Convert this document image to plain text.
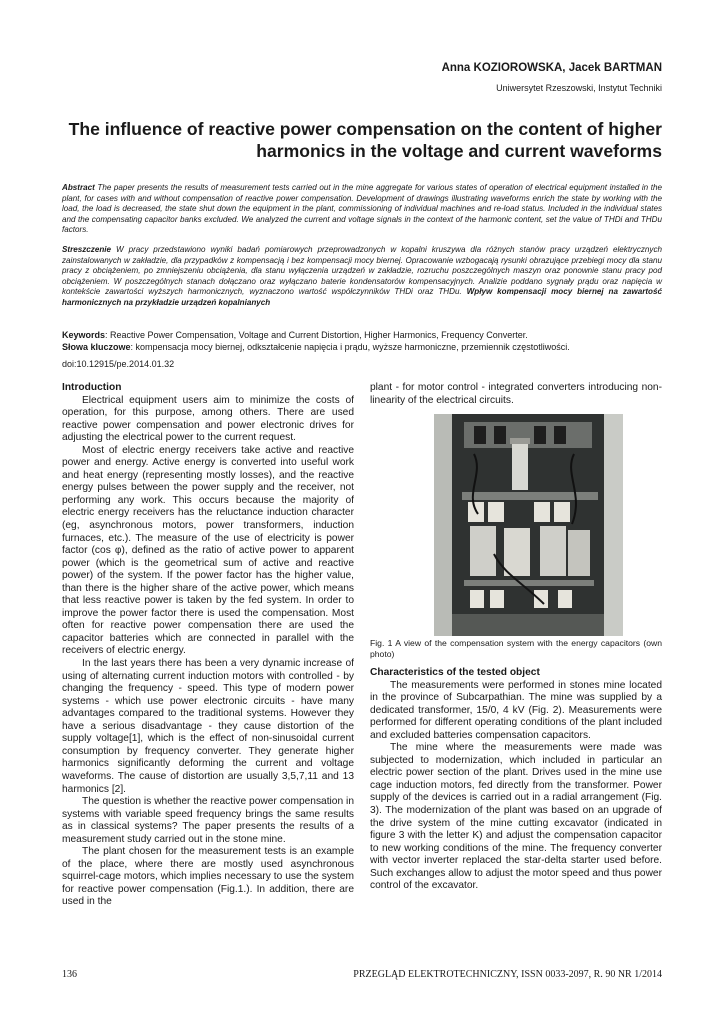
Anna KOZIOROWSKA, Jacek BARTMAN
Uniwersytet Rzeszowski, Instytut Techniki
The influence of reactive power compensation on the content of higher harmonics in the voltage and current waveforms
Abstract The paper presents the results of measurement tests carried out in the mine aggregate for various states of operation of electrical equipment installed in the plant, for cases with and without compensation of reactive power compensation. Development of drawings illustrating waveforms enrich the state by working with the load, the load is decreased, the state shut down the equipment in the plant, commissioning of individual machines and re-load status. Included in the individual states and the compensating capacitor banks excluded. We analyzed the current and voltage signals in the context of the harmonic content, set the value of THDi and THDu factors.
Streszczenie W pracy przedstawiono wyniki badań pomiarowych przeprowadzonych w kopalni kruszywa dla różnych stanów pracy urządzeń elektrycznych zainstalowanych w zakładzie, dla przypadków z kompensacją i bez kompensacji mocy biernej. Opracowanie wzbogacają rysunki obrazujące przebiegi mocy dla stanu pracy z obciążeniem, po zmniejszeniu obciążenia, dla stanu wyłączenia urządzeń w zakładzie, rozruchu poszczególnych maszyn oraz ponownie stanu pracy pod obciążeniem. W poszczególnych stanach dołączano oraz wyłączano baterie kondensatorów kompensacyjnych. Analizie poddano sygnały prądu oraz napięcia w kontekście zawartości wyższych harmonicznych, wyznaczono wartość współczynników THDi oraz THDu. Wpływ kompensacji mocy biernej na zawartość harmonicznych na przykładzie urządzeń kopalnianych
Keywords: Reactive Power Compensation, Voltage and Current Distortion, Higher Harmonics, Frequency Converter.
Słowa kluczowe: kompensacja mocy biernej, odkształcenie napięcia i prądu, wyższe harmoniczne, przemiennik częstotliwości.
doi:10.12915/pe.2014.01.32
Introduction

Electrical equipment users aim to minimize the costs of operation, for this purpose, among others. There are used reactive power compensation and power electronic drives for adjusting the electrical power to the current request.

Most of electric energy receivers take active and reactive power and energy. Active energy is converted into useful work and heat energy (representing mostly losses), and the reactive energy pulses between the power supply and the receiver, not performing any work. This occurs because the majority of electric energy receivers has the reluctance induction character (eg, asynchronous motors, power transformers, induction furnaces, etc.). The measure of the use of electricity is power factor (cos φ), defined as the ratio of active power to apparent power (which is the geometrical sum of active and reactive power) of the system. If the power factor has the higher value, than there is the higher share of the active power, which means that less reactive power is taken by the fed system. In order to improve the power factor there is used the compensation. Most often for reactive power compensation there are used the capacitor batteries which are connected in parallel with the receivers of electric energy.

In the last years there has been a very dynamic increase of using of alternating current induction motors with controlled - by changing the frequency - speed. This type of modern power systems - which use power electronic circuits - have many advantages compared to the traditional systems. However they have a serious disadvantage - they cause distortion of the supply voltage[1], which is the effect of non-sinusoidal current consumption by frequency converter. They generate higher harmonics significantly deforming the current and voltage waveforms. The cause of distortion are usually 3,5,7,11 and 13 harmonics [2].

The question is whether the reactive power compensation in systems with variable speed frequency brings the same results as in classical systems? The paper presents the results of a measurement study carried out in the stone mine.

The plant chosen for the measurement tests is an example of the place, where there are mostly used asynchronous squirrel-cage motors, which implies necessary to use the system for reactive power compensation (Fig.1.). In addition, there are used in the

plant - for motor control - integrated converters introducing non-linearity of the electrical circuits.
Fig. 1 A view of the compensation system with the energy capacitors (own photo)
Characteristics of the tested object

The measurements were performed in stones mine located in the province of Subcarpathian. The mine was supplied by a dedicated transformer, 15/0, 4 kV (Fig. 2). Measurements were performed for different operating conditions of the plant included and excluded batteries compensation capacitors.

The mine where the measurements were made was subjected to modernization, which included in particular an electric power section of the plant. Drives used in the mine use cage induction motors, fed directly from the transformer. Power supply of the devices is carried out in a radial arrangement (Fig. 3). The modernization of the plant was based on an upgrade of the drive system of the mine cutting excavator (indicated in figure 3 with the letter K) and adjust the compensation capacitor to new working conditions of the mine. The frequency converter with vector inverter replaced the star-delta starter used before. Such exchanges allow to adjust the motor speed and thus power control of the excavator.

136	PRZEGLĄD ELEKTROTECHNICZNY, ISSN 0033-2097, R. 90 NR 1/2014
